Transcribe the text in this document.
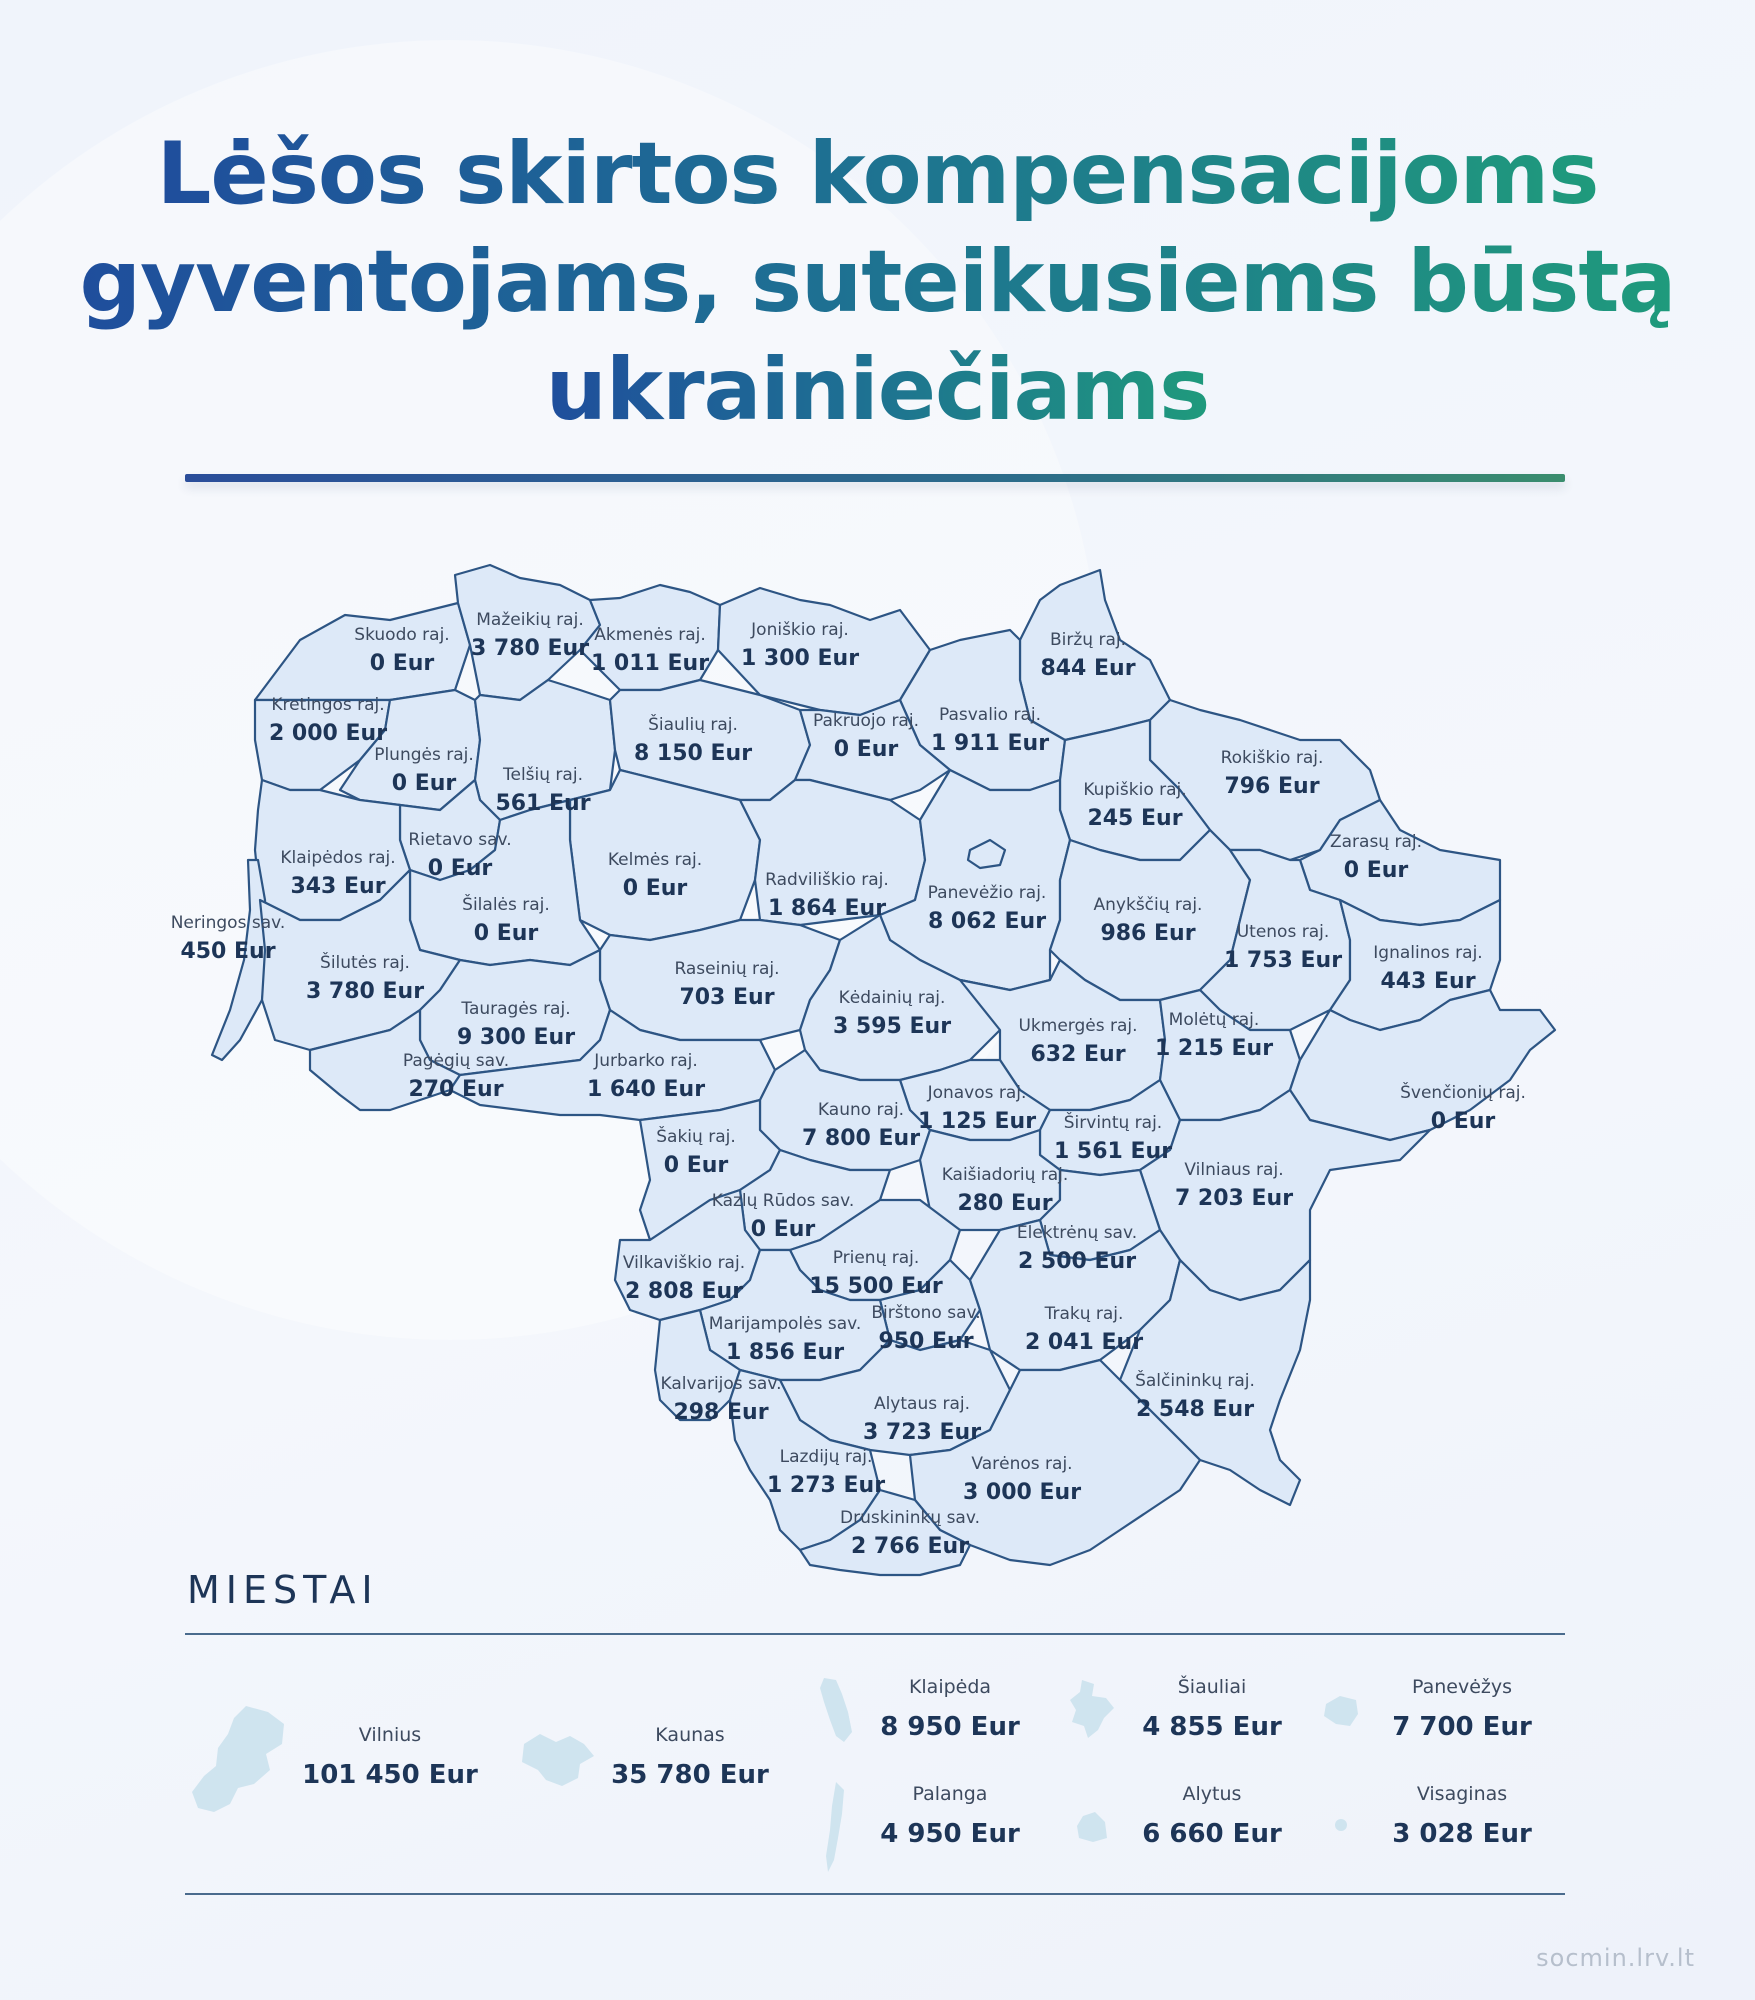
Lėšos skirtos kompensacijoms
gyventojams, suteikusiems būstą
ukrainiečiams
Skuodo raj.
0 Eur
Mažeikių raj.
3 780 Eur
Akmenės raj.
1 011 Eur
Joniškio raj.
1 300 Eur
Biržų raj.
844 Eur
Kretingos raj.
2 000 Eur
Plungės raj.
0 Eur	Telšių raj.
561 Eur
Šiaulių raj.
8 150 Eur
Pakruojo raj.
0 Eur
Pasvalio raj.
1 911 Eur
Rokiškio raj.
796 Eur
Kupiškio raj.
245 Eur
Rietavo sav.
0 Eur
Klaipėdos raj.
343 Eur
Kelmės raj.
0 Eur	Radviliškio raj.
1 864 Eur
Zarasų raj.
0 Eur
Neringos sav.
450 Eur
Šilalės raj.
0 Eur
Panevėžio raj.
8 062 Eur
Anykščių raj.
986 Eur Utenos raj.
1 753 Eur Ignalinos raj.
443 Eur
Šilutės raj.
3 780 Eur
Raseinių raj.
703 Eur	Kėdainių raj.
3 595 Eur
Tauragės raj.
9 300 Eur	Ukmergės raj.
632 Eur
Molėtų raj.
1 215 Eur
Pagėgių sav.
270 Eur
Jurbarko raj.
1 640 Eur	Jonavos raj.
1 125 Eur
Švenčionių raj.
0 Eur
Kauno raj.
7 800 Eur
Širvintų raj.
1 561 Eur
Šakių raj.
0 Eur	Kaišiadorių raj.
280 Eur
Vilniaus raj.
7 203 Eur
Kazlų Rūdos sav.
0 Eur	Elektrėnų sav.
2 500 Eur
Vilkaviškio raj.
2 808 Eur
Prienų raj.
15 500 Eur
Birštono sav.
950 Eur
Trakų raj.
2 041 Eur
Marijampolės sav.
1 856 Eur
Kalvarijos sav.
298 Eur	Alytaus raj.
3 723 Eur
Šalčininkų raj.
2 548 Eur
Lazdijų raj.
1 273 Eur
Varėnos raj.
3 000 Eur
Druskininkų sav.
2 766 Eur
MIESTAI
Vilnius
101 450 Eur
Kaunas
35 780 Eur
Klaipėda
8 950 Eur
Šiauliai
4 855 Eur
Panevėžys
7 700 Eur
Palanga
4 950 Eur
Alytus
6 660 Eur
Visaginas
3 028 Eur
socmin.lrv.lt
